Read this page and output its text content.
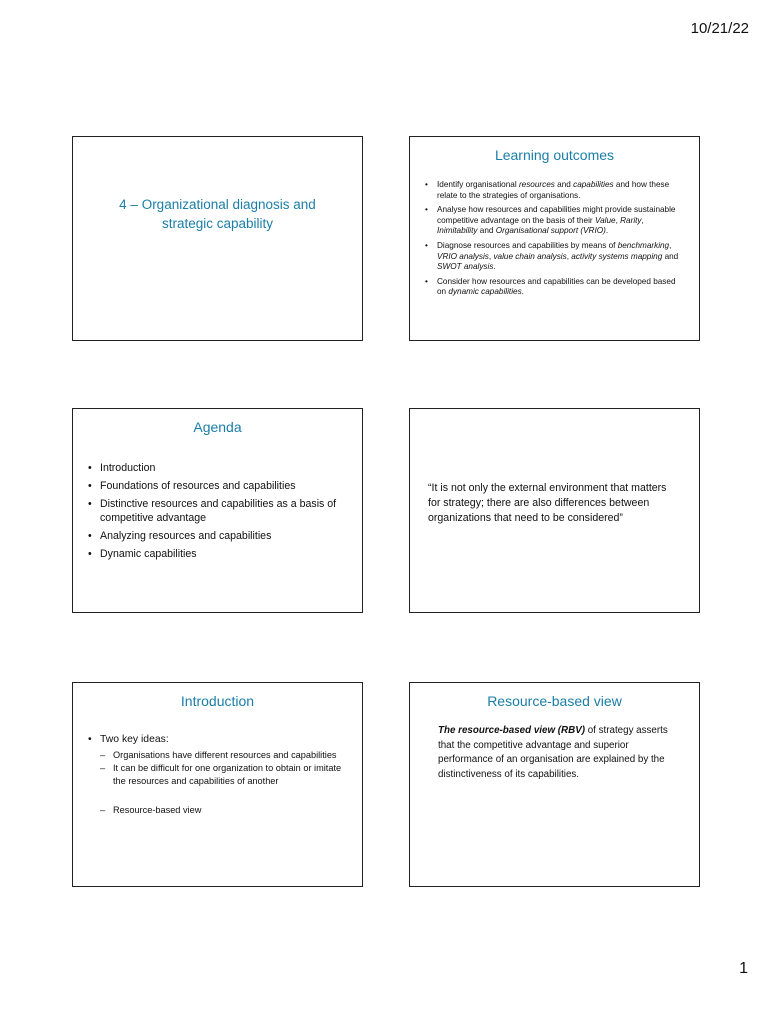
10/21/22
4 – Organizational diagnosis and strategic capability
Learning outcomes
• Identify organisational resources and capabilities and how these relate to the strategies of organisations.
• Analyse how resources and capabilities might provide sustainable competitive advantage on the basis of their Value, Rarity, Inimitability and Organisational support (VRIO).
• Diagnose resources and capabilities by means of benchmarking, VRIO analysis, value chain analysis, activity systems mapping and SWOT analysis.
• Consider how resources and capabilities can be developed based on dynamic capabilities.
Agenda
• Introduction
• Foundations of resources and capabilities
• Distinctive resources and capabilities as a basis of competitive advantage
• Analyzing resources and capabilities
• Dynamic capabilities
“It is not only the external environment that matters for strategy; there are also differences between organizations that need to be considered”
Introduction
• Two key ideas:
– Organisations have different resources and capabilities
– It can be difficult for one organization to obtain or imitate the resources and capabilities of another
– Resource-based view
Resource-based view
The resource-based view (RBV) of strategy asserts that the competitive advantage and superior performance of an organisation are explained by the distinctiveness of its capabilities.
1
